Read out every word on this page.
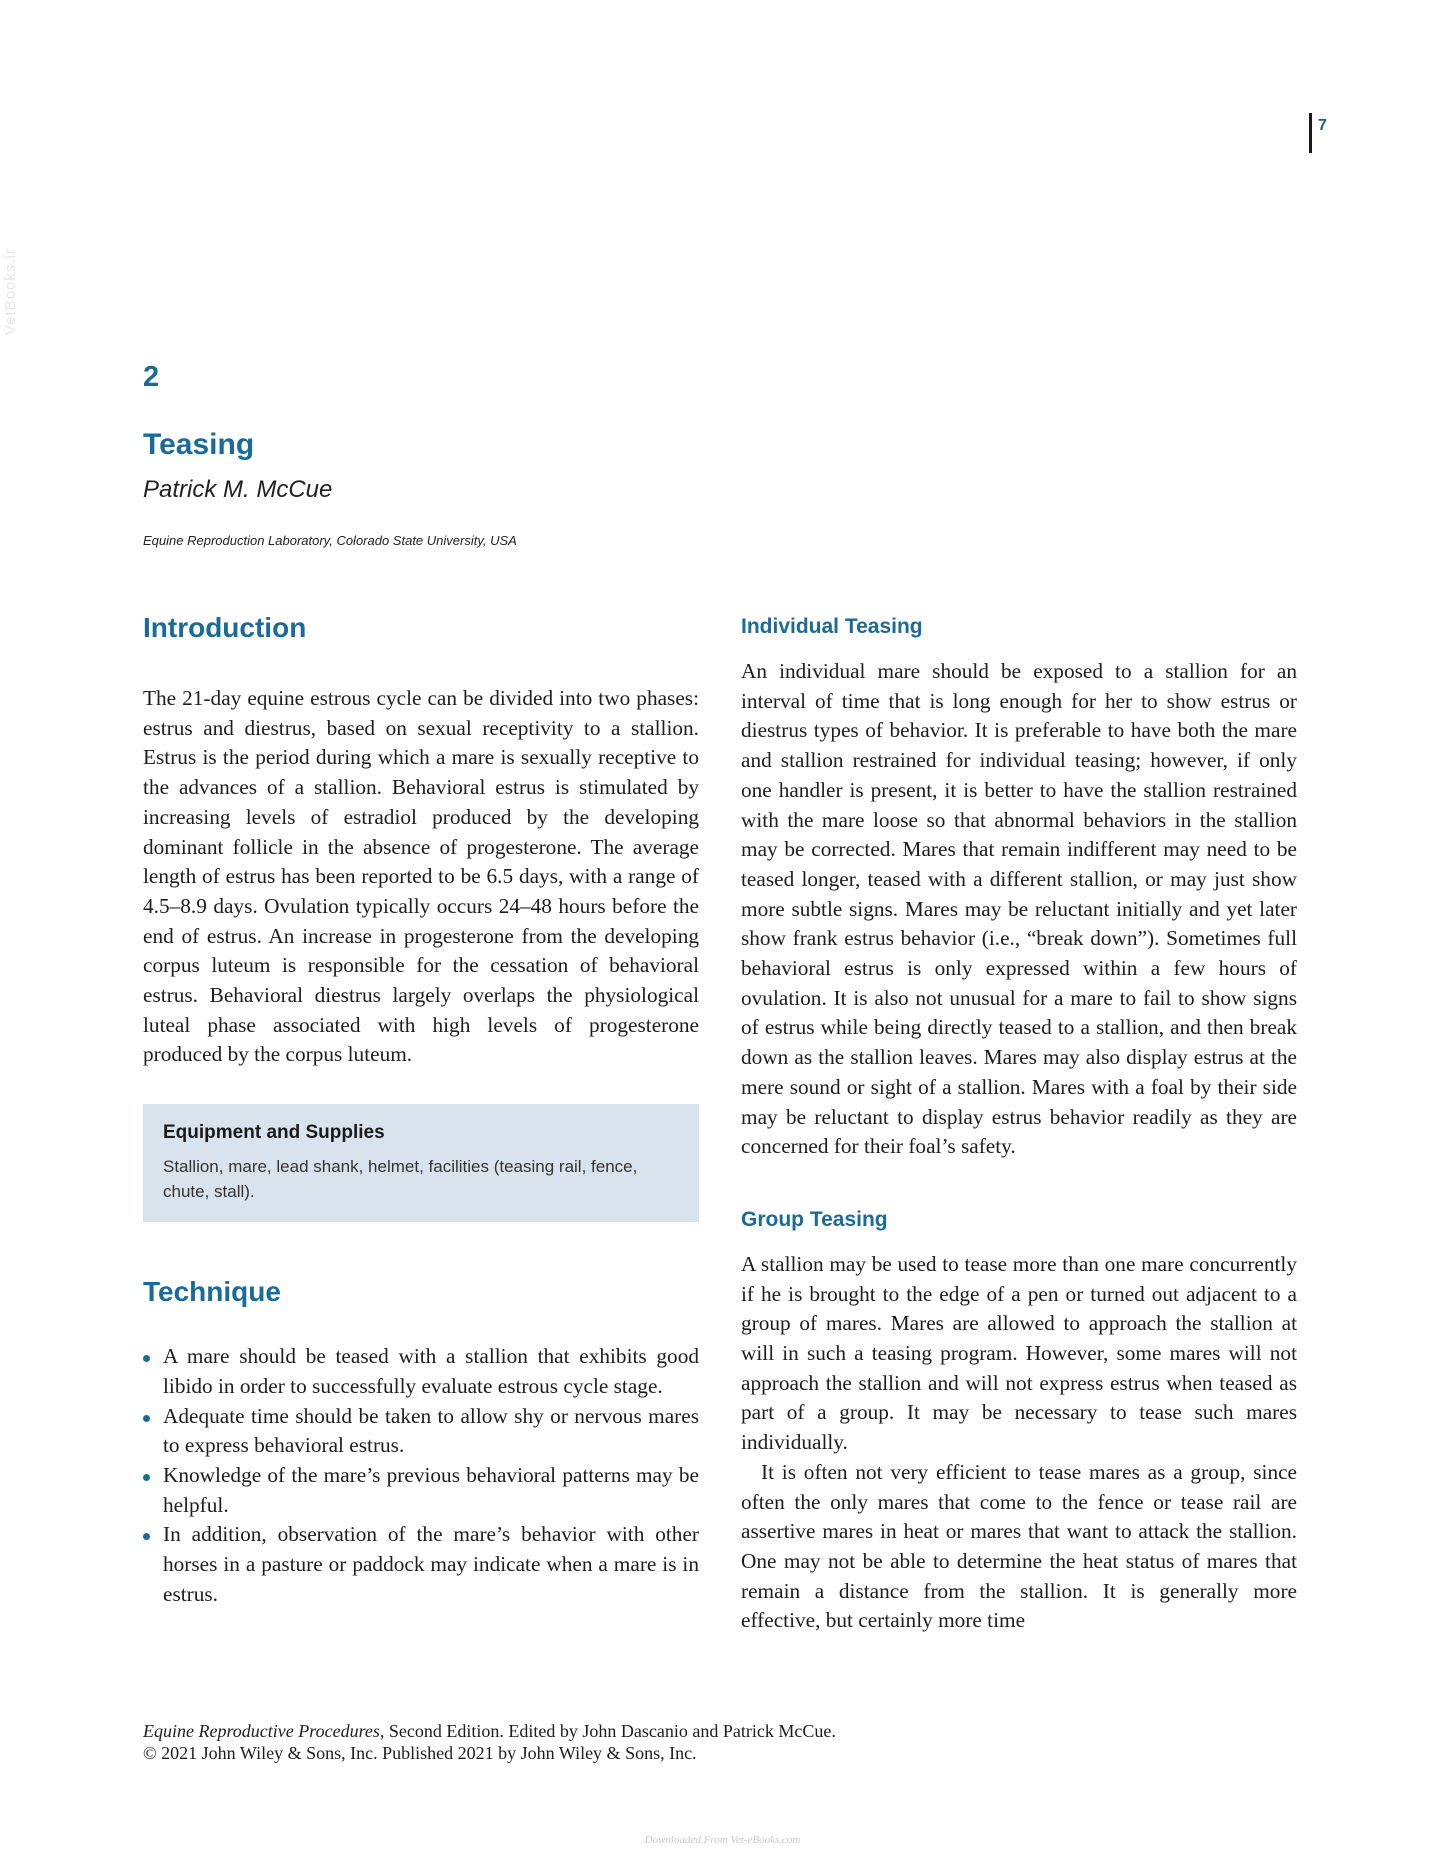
7
VetBooks.ir
2
Teasing
Patrick M. McCue
Equine Reproduction Laboratory, Colorado State University, USA
Introduction

The 21-day equine estrous cycle can be divided into two phases: estrus and diestrus, based on sexual receptivity to a stallion. Estrus is the period during which a mare is sexually receptive to the advances of a stallion. Behavioral estrus is stimulated by increasing levels of estradiol produced by the developing dominant follicle in the absence of progesterone. The average length of estrus has been reported to be 6.5 days, with a range of 4.5–8.9 days. Ovulation typically occurs 24–48 hours before the end of estrus. An increase in progesterone from the developing corpus luteum is responsible for the cessation of behavioral estrus. Behavioral diestrus largely overlaps the physiological luteal phase associated with high levels of progesterone produced by the corpus luteum.

Equipment and Supplies
Stallion, mare, lead shank, helmet, facilities (teasing rail, fence, chute, stall).
Technique
A mare should be teased with a stallion that exhibits good libido in order to successfully evaluate estrous cycle stage.
Adequate time should be taken to allow shy or nervous mares to express behavioral estrus.
Knowledge of the mare’s previous behavioral patterns may be helpful.
In addition, observation of the mare’s behavior with other horses in a pasture or paddock may indicate when a mare is in estrus.
Individual Teasing

An individual mare should be exposed to a stallion for an interval of time that is long enough for her to show estrus or diestrus types of behavior. It is preferable to have both the mare and stallion restrained for individual teasing; however, if only one handler is present, it is better to have the stallion restrained with the mare loose so that abnormal behaviors in the stallion may be corrected. Mares that remain indifferent may need to be teased longer, teased with a different stallion, or may just show more subtle signs. Mares may be reluctant initially and yet later show frank estrus behavior (i.e., “break down”). Sometimes full behavioral estrus is only expressed within a few hours of ovulation. It is also not unusual for a mare to fail to show signs of estrus while being directly teased to a stallion, and then break down as the stallion leaves. Mares may also display estrus at the mere sound or sight of a stallion. Mares with a foal by their side may be reluctant to display estrus behavior readily as they are concerned for their foal’s safety.

Group Teasing

A stallion may be used to tease more than one mare concurrently if he is brought to the edge of a pen or turned out adjacent to a group of mares. Mares are allowed to approach the stallion at will in such a teasing program. However, some mares will not approach the stallion and will not express estrus when teased as part of a group. It may be necessary to tease such mares individually.

It is often not very efficient to tease mares as a group, since often the only mares that come to the fence or tease rail are assertive mares in heat or mares that want to attack the stallion. One may not be able to determine the heat status of mares that remain a distance from the stallion. It is generally more effective, but certainly more time

Equine Reproductive Procedures, Second Edition. Edited by John Dascanio and Patrick McCue.
© 2021 John Wiley & Sons, Inc. Published 2021 by John Wiley & Sons, Inc.
Downloaded From Vet-eBooks.com
